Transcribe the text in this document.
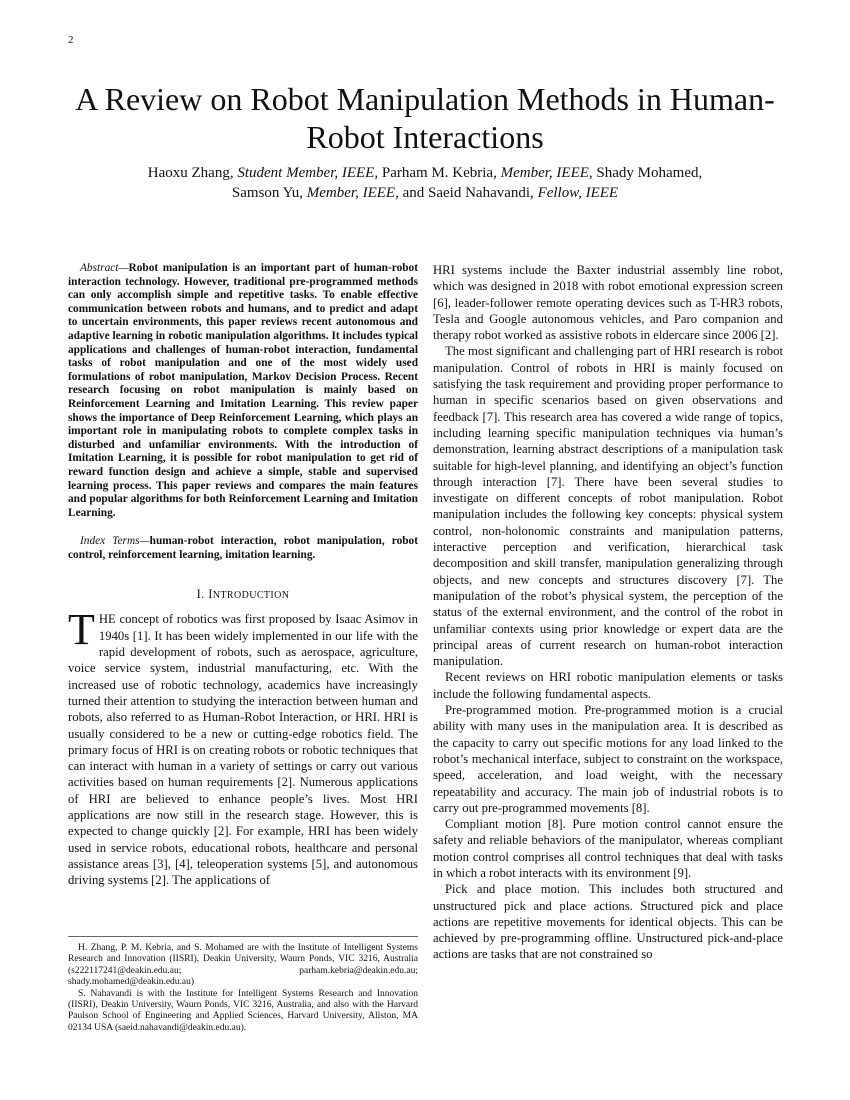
2
A Review on Robot Manipulation Methods in Human-Robot Interactions
Haoxu Zhang, Student Member, IEEE, Parham M. Kebria, Member, IEEE, Shady Mohamed,
Samson Yu, Member, IEEE, and Saeid Nahavandi, Fellow, IEEE

Abstract—Robot manipulation is an important part of human-robot interaction technology. However, traditional pre-programmed methods can only accomplish simple and repetitive tasks. To enable effective communication between robots and humans, and to predict and adapt to uncertain environments, this paper reviews recent autonomous and adaptive learning in robotic manipulation algorithms. It includes typical applications and challenges of human-robot interaction, fundamental tasks of robot manipulation and one of the most widely used formulations of robot manipulation, Markov Decision Process. Recent research focusing on robot manipulation is mainly based on Reinforcement Learning and Imitation Learning. This review paper shows the importance of Deep Reinforcement Learning, which plays an important role in manipulating robots to complete complex tasks in disturbed and unfamiliar environments. With the introduction of Imitation Learning, it is possible for robot manipulation to get rid of reward function design and achieve a simple, stable and supervised learning process. This paper reviews and compares the main features and popular algorithms for both Reinforcement Learning and Imitation Learning.

Index Terms—human-robot interaction, robot manipulation, robot control, reinforcement learning, imitation learning.

I. INTRODUCTION

THE concept of robotics was first proposed by Isaac Asimov in 1940s [1]. It has been widely implemented in our life with the rapid development of robots, such as aerospace, agriculture, voice service system, industrial manufacturing, etc. With the increased use of robotic technology, academics have increasingly turned their attention to studying the interaction between human and robots, also referred to as Human-Robot Interaction, or HRI. HRI is usually considered to be a new or cutting-edge robotics field. The primary focus of HRI is on creating robots or robotic techniques that can interact with human in a variety of settings or carry out various activities based on human requirements [2]. Numerous applications of HRI are believed to enhance people’s lives. Most HRI applications are now still in the research stage. However, this is expected to change quickly [2]. For example, HRI has been widely used in service robots, educational robots, healthcare and personal assistance areas [3], [4], teleoperation systems [5], and autonomous driving systems [2]. The applications of

H. Zhang, P. M. Kebria, and S. Mohamed are with the Institute of Intelligent Systems Research and Innovation (IISRI), Deakin University, Waurn Ponds, VIC 3216, Australia (s222117241@deakin.edu.au; parham.kebria@deakin.edu.au; shady.mohamed@deakin.edu.au)

S. Nahavandi is with the Institute for Intelligent Systems Research and Innovation (IISRI), Deakin University, Waurn Ponds, VIC 3216, Australia, and also with the Harvard Paulson School of Engineering and Applied Sciences, Harvard University, Allston, MA 02134 USA (saeid.nahavandi@deakin.edu.au).

HRI systems include the Baxter industrial assembly line robot, which was designed in 2018 with robot emotional expression screen [6], leader-follower remote operating devices such as T-HR3 robots, Tesla and Google autonomous vehicles, and Paro companion and therapy robot worked as assistive robots in eldercare since 2006 [2].

The most significant and challenging part of HRI research is robot manipulation. Control of robots in HRI is mainly focused on satisfying the task requirement and providing proper performance to human in specific scenarios based on given observations and feedback [7]. This research area has covered a wide range of topics, including learning specific manipulation techniques via human’s demonstration, learning abstract descriptions of a manipulation task suitable for high-level planning, and identifying an object’s function through interaction [7]. There have been several studies to investigate on different concepts of robot manipulation. Robot manipulation includes the following key concepts: physical system control, non-holonomic constraints and manipulation patterns, interactive perception and verification, hierarchical task decomposition and skill transfer, manipulation generalizing through objects, and new concepts and structures discovery [7]. The manipulation of the robot’s physical system, the perception of the status of the external environment, and the control of the robot in unfamiliar contexts using prior knowledge or expert data are the principal areas of current research on human-robot interaction manipulation.

Recent reviews on HRI robotic manipulation elements or tasks include the following fundamental aspects.

Pre-programmed motion. Pre-programmed motion is a crucial ability with many uses in the manipulation area. It is described as the capacity to carry out specific motions for any load linked to the robot’s mechanical interface, subject to constraint on the workspace, speed, acceleration, and load weight, with the necessary repeatability and accuracy. The main job of industrial robots is to carry out pre-programmed movements [8].

Compliant motion [8]. Pure motion control cannot ensure the safety and reliable behaviors of the manipulator, whereas compliant motion control comprises all control techniques that deal with tasks in which a robot interacts with its environment [9].

Pick and place motion. This includes both structured and unstructured pick and place actions. Structured pick and place actions are repetitive movements for identical objects. This can be achieved by pre-programming offline. Unstructured pick-and-place actions are tasks that are not constrained so
